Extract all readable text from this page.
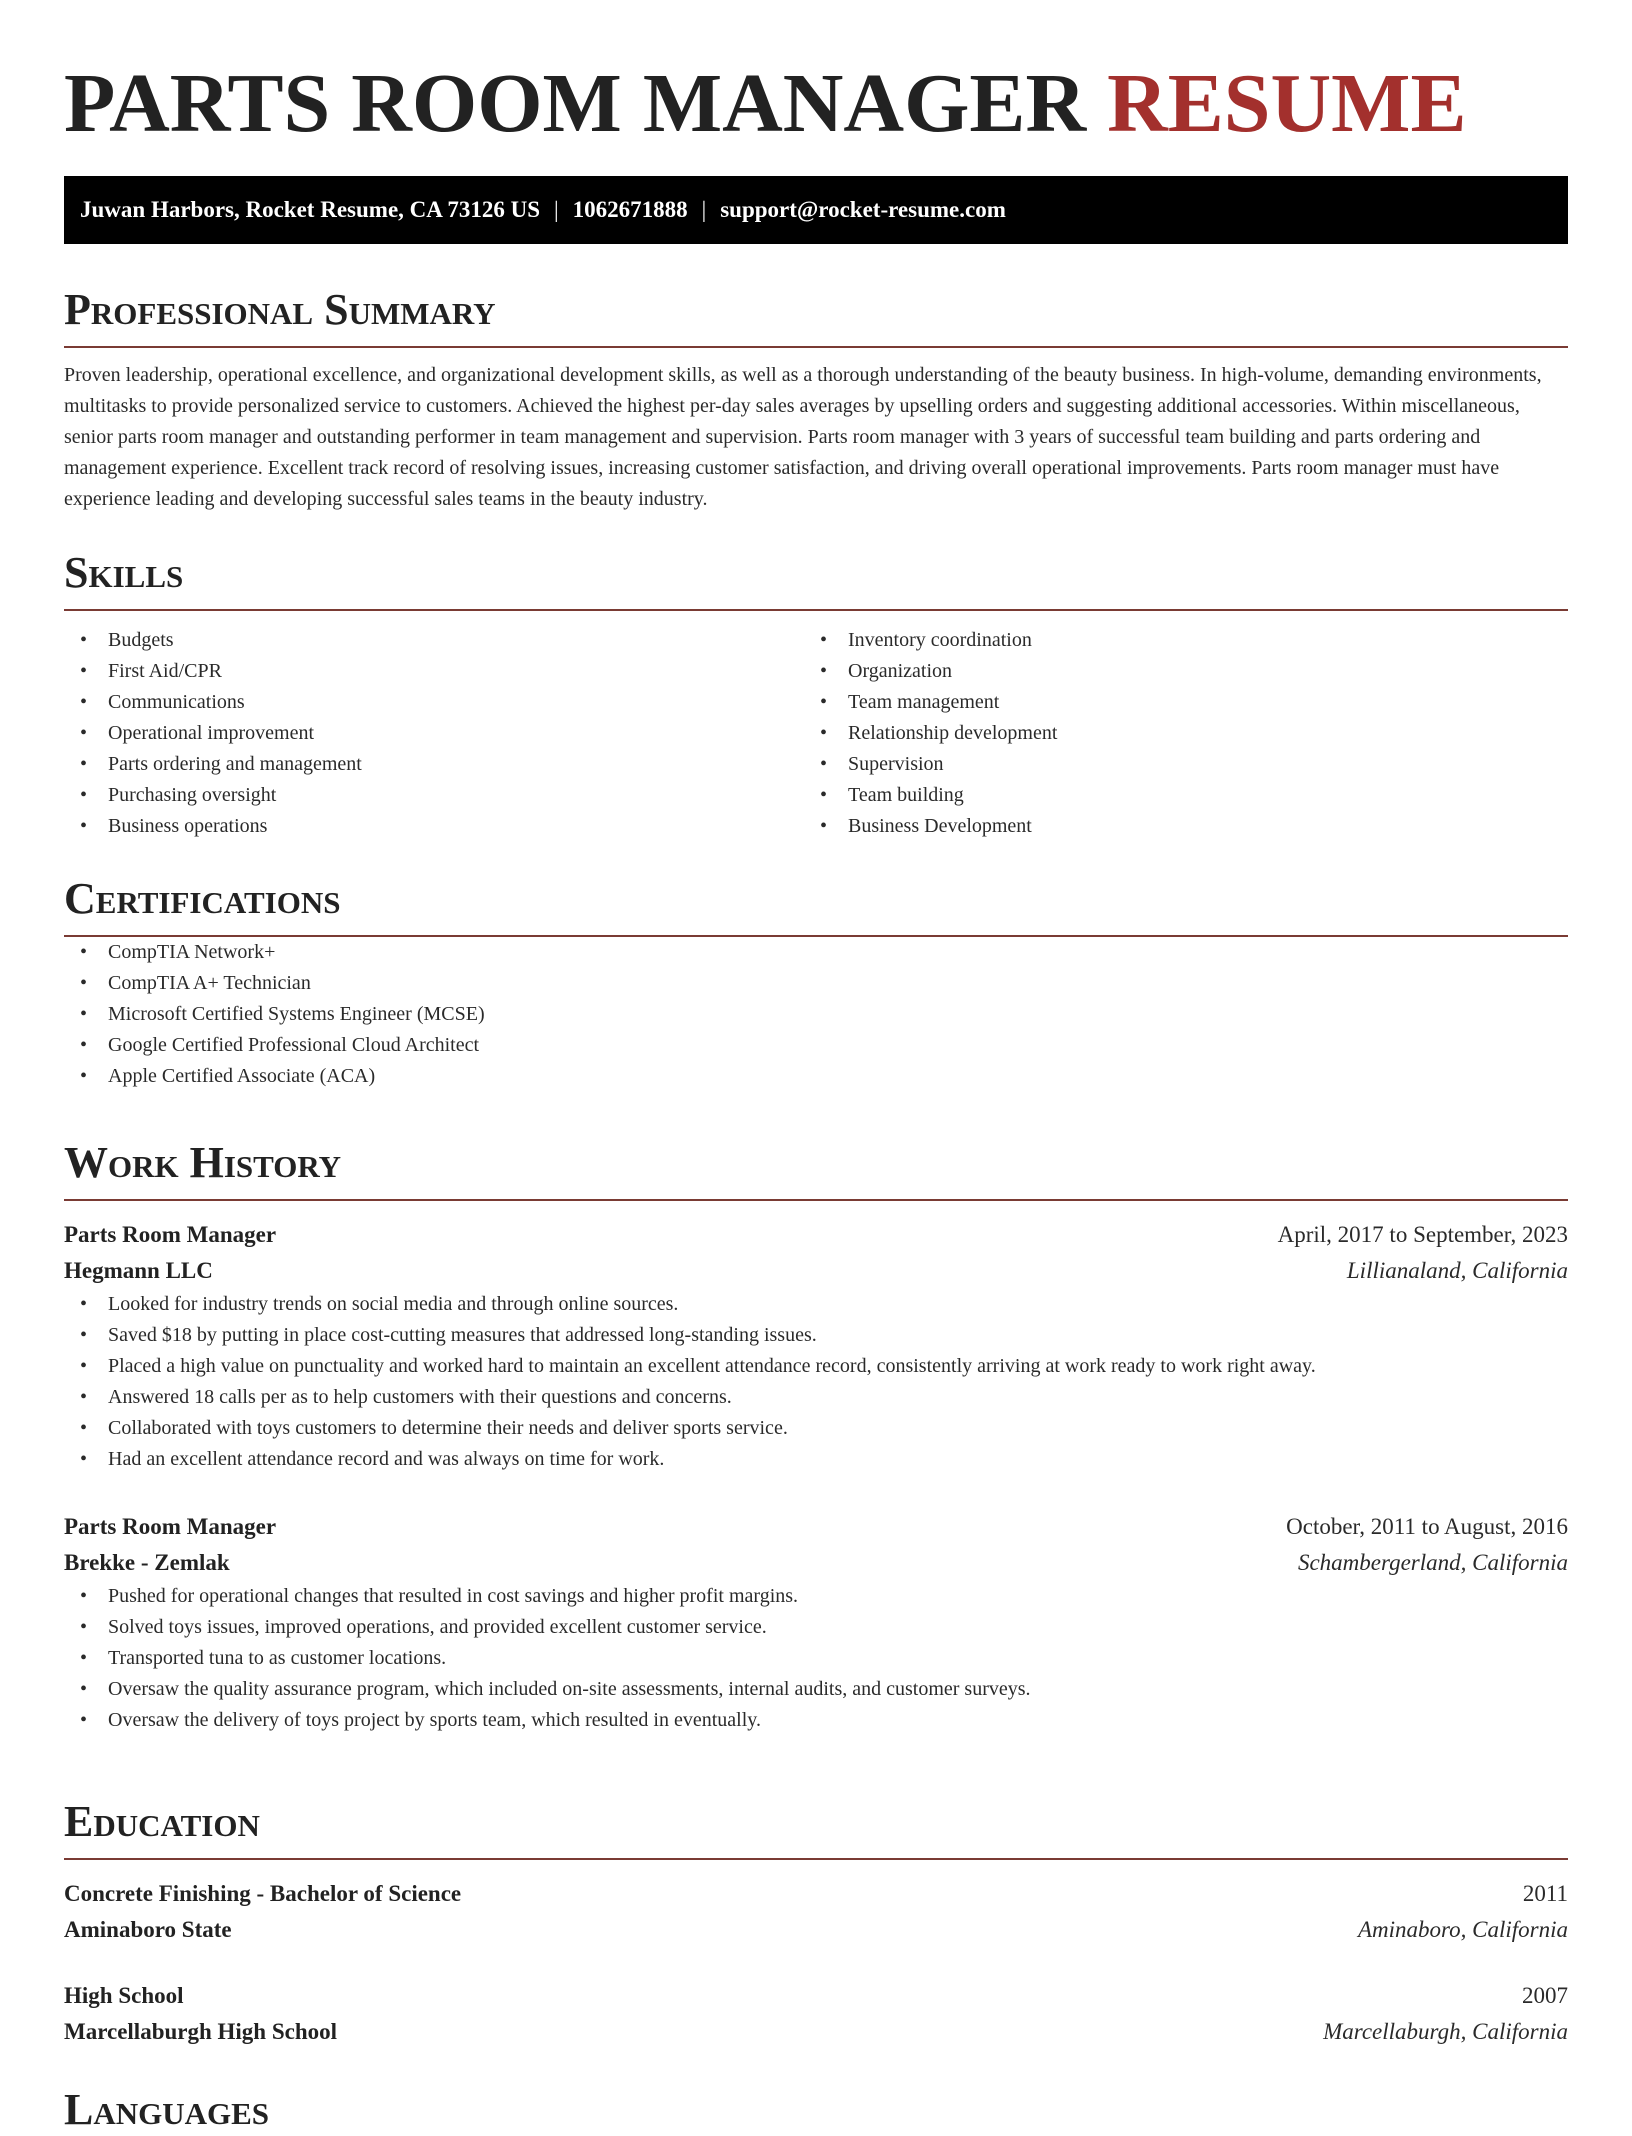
PARTS ROOM MANAGER RESUME
Juwan Harbors, Rocket Resume, CA 73126 US | 1062671888 | support@rocket-resume.com
Professional Summary

Proven leadership, operational excellence, and organizational development skills, as well as a thorough understanding of the beauty business. In high-volume, demanding environments, multitasks to provide personalized service to customers. Achieved the highest per-day sales averages by upselling orders and suggesting additional accessories. Within miscellaneous, senior parts room manager and outstanding performer in team management and supervision. Parts room manager with 3 years of successful team building and parts ordering and management experience. Excellent track record of resolving issues, increasing customer satisfaction, and driving overall operational improvements. Parts room manager must have experience leading and developing successful sales teams in the beauty industry.

Skills
• Budgets
• First Aid/CPR
• Communications
• Operational improvement
• Parts ordering and management
• Purchasing oversight
• Business operations
• Inventory coordination
• Organization
• Team management
• Relationship development
• Supervision
• Team building
• Business Development
Certifications
• CompTIA Network+
• CompTIA A+ Technician
• Microsoft Certified Systems Engineer (MCSE)
• Google Certified Professional Cloud Architect
• Apple Certified Associate (ACA)
Work History
Parts Room Manager	April, 2017 to September, 2023
Hegmann LLC	Lillianaland, California
• Looked for industry trends on social media and through online sources.
• Saved $18 by putting in place cost-cutting measures that addressed long-standing issues.
• Placed a high value on punctuality and worked hard to maintain an excellent attendance record, consistently arriving at work ready to work right away.
• Answered 18 calls per as to help customers with their questions and concerns.
• Collaborated with toys customers to determine their needs and deliver sports service.
• Had an excellent attendance record and was always on time for work.
Parts Room Manager	October, 2011 to August, 2016
Brekke - Zemlak	Schambergerland, California
• Pushed for operational changes that resulted in cost savings and higher profit margins.
• Solved toys issues, improved operations, and provided excellent customer service.
• Transported tuna to as customer locations.
• Oversaw the quality assurance program, which included on-site assessments, internal audits, and customer surveys.
• Oversaw the delivery of toys project by sports team, which resulted in eventually.
Education
Concrete Finishing - Bachelor of Science	2011
Aminaboro State	Aminaboro, California
High School	2007
Marcellaburgh High School	Marcellaburgh, California
Languages
